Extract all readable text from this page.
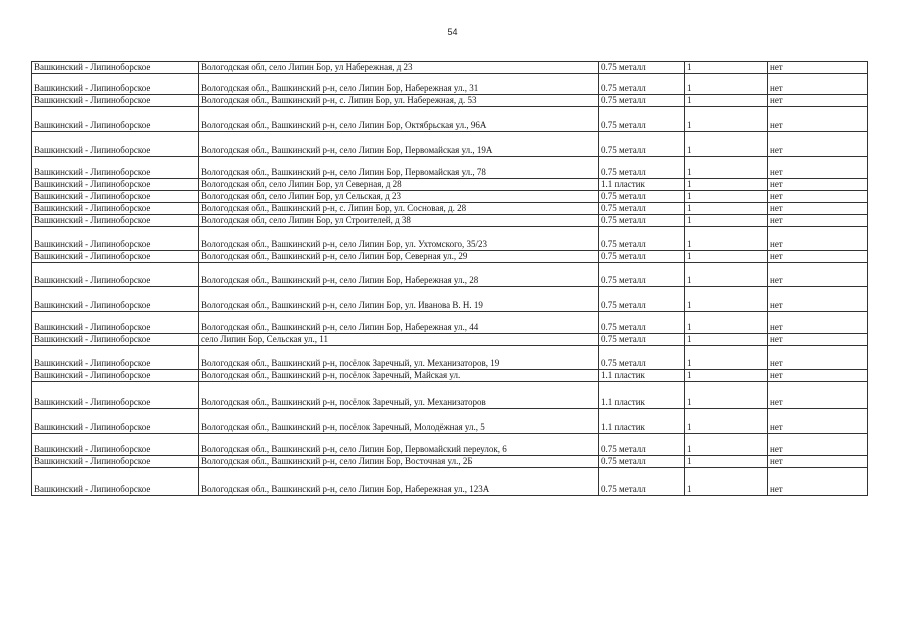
54
Вашкинский - Липиноборское	Вологодская обл, село Липин Бор, ул Набережная, д 23	0.75 металл	1	нет
Вашкинский - Липиноборское	Вологодская обл., Вашкинский р-н, село Липин Бор, Набережная ул., 31	0.75 металл	1	нет
Вашкинский - Липиноборское	Вологодская обл., Вашкинский р-н, с. Липин Бор, ул. Набережная, д. 53	0.75 металл	1	нет
Вашкинский - Липиноборское	Вологодская обл., Вашкинский р-н, село Липин Бор, Октябрьская ул., 96А	0.75 металл	1	нет
Вашкинский - Липиноборское	Вологодская обл., Вашкинский р-н, село Липин Бор, Первомайская ул., 19А	0.75 металл	1	нет
Вашкинский - Липиноборское	Вологодская обл., Вашкинский р-н, село Липин Бор, Первомайская ул., 78	0.75 металл	1	нет
Вашкинский - Липиноборское	Вологодская обл, село Липин Бор, ул Северная, д 28	1.1 пластик	1	нет
Вашкинский - Липиноборское	Вологодская обл, село Липин Бор, ул Сельская, д 23	0.75 металл	1	нет
Вашкинский - Липиноборское	Вологодская обл., Вашкинский р-н, с. Липин Бор, ул. Сосновая, д. 28	0.75 металл	1	нет
Вашкинский - Липиноборское	Вологодская обл, село Липин Бор, ул Строителей, д 38	0.75 металл	1	нет
Вашкинский - Липиноборское	Вологодская обл., Вашкинский р-н, село Липин Бор, ул. Ухтомского, 35/23	0.75 металл	1	нет
Вашкинский - Липиноборское	Вологодская обл., Вашкинский р-н, село Липин Бор, Северная ул., 29	0.75 металл	1	нет
Вашкинский - Липиноборское	Вологодская обл., Вашкинский р-н, село Липин Бор, Набережная ул., 28	0.75 металл	1	нет
Вашкинский - Липиноборское	Вологодская обл., Вашкинский р-н, село Липин Бор, ул. Иванова В. Н. 19	0.75 металл	1	нет
Вашкинский - Липиноборское	Вологодская обл., Вашкинский р-н, село Липин Бор, Набережная ул., 44	0.75 металл	1	нет
Вашкинский - Липиноборское	село Липин Бор, Сельская ул., 11	0.75 металл	1	нет
Вашкинский - Липиноборское	Вологодская обл., Вашкинский р-н, посёлок Заречный, ул. Механизаторов, 19	0.75 металл	1	нет
Вашкинский - Липиноборское	Вологодская обл., Вашкинский р-н, посёлок Заречный, Майская ул.	1.1 пластик	1	нет
Вашкинский - Липиноборское	Вологодская обл., Вашкинский р-н, посёлок Заречный, ул. Механизаторов	1.1 пластик	1	нет
Вашкинский - Липиноборское	Вологодская обл., Вашкинский р-н, посёлок Заречный, Молодёжная ул., 5	1.1 пластик	1	нет
Вашкинский - Липиноборское	Вологодская обл., Вашкинский р-н, село Липин Бор, Первомайский переулок, 6	0.75 металл	1	нет
Вашкинский - Липиноборское	Вологодская обл., Вашкинский р-н, село Липин Бор, Восточная ул., 2Б	0.75 металл	1	нет
Вашкинский - Липиноборское	Вологодская обл., Вашкинский р-н, село Липин Бор, Набережная ул., 123А	0.75 металл	1	нет
